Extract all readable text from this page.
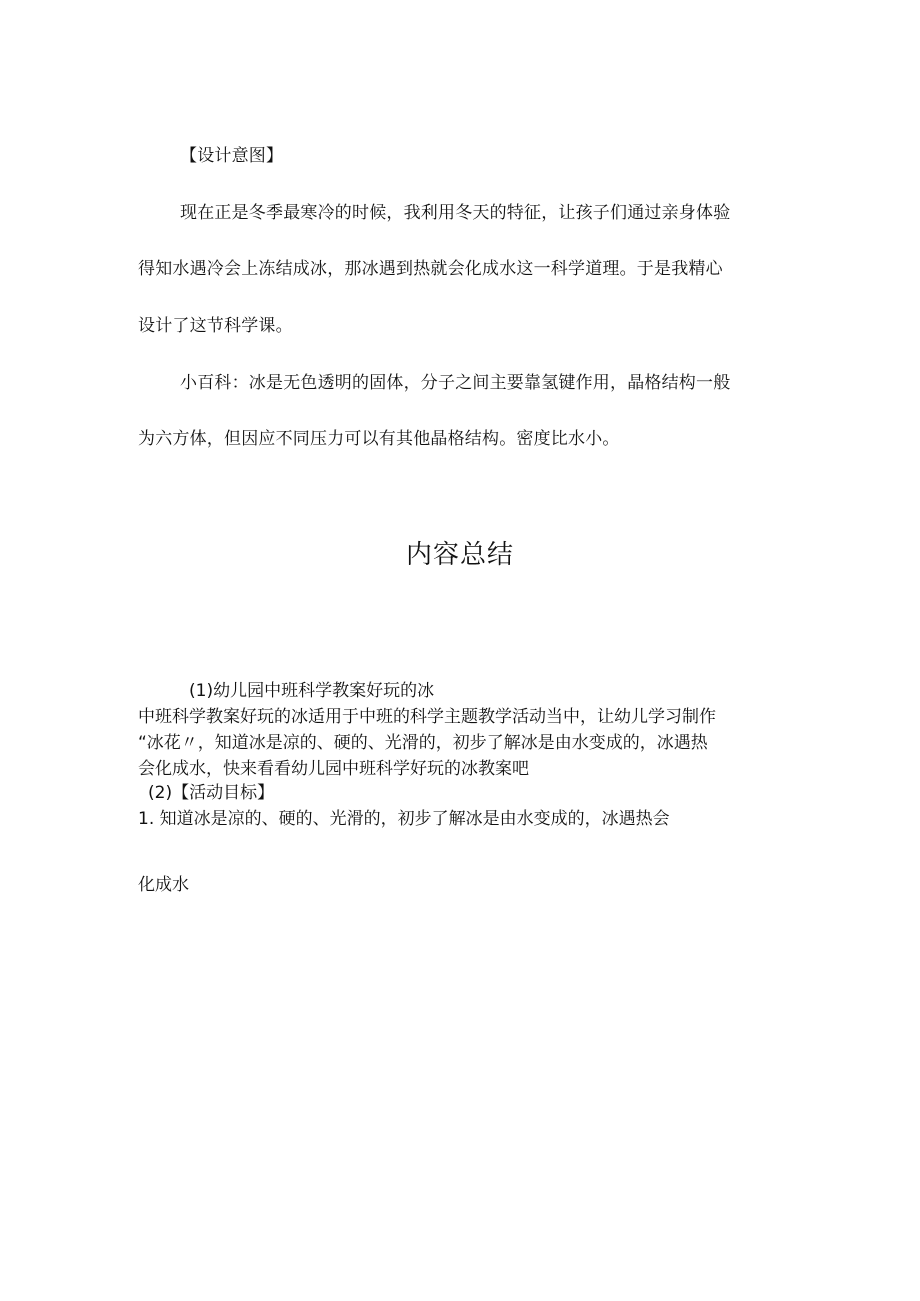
【设计意图】
现在正是冬季最寒冷的时候，我利用冬天的特征，让孩子们通过亲身体验
得知水遇冷会上冻结成冰，那冰遇到热就会化成水这一科学道理。于是我精心
设计了这节科学课。
小百科：冰是无色透明的固体，分子之间主要靠氢键作用，晶格结构一般
为六方体，但因应不同压力可以有其他晶格结构。密度比水小。
内容总结
(1)幼儿园中班科学教案好玩的冰
中班科学教案好玩的冰适用于中班的科学主题教学活动当中，让幼儿学习制作
“冰花〃，知道冰是凉的、硬的、光滑的，初步了解冰是由水变成的，冰遇热
会化成水，快来看看幼儿园中班科学好玩的冰教案吧
(2)【活动目标】
1. 知道冰是凉的、硬的、光滑的，初步了解冰是由水变成的，冰遇热会
化成水
